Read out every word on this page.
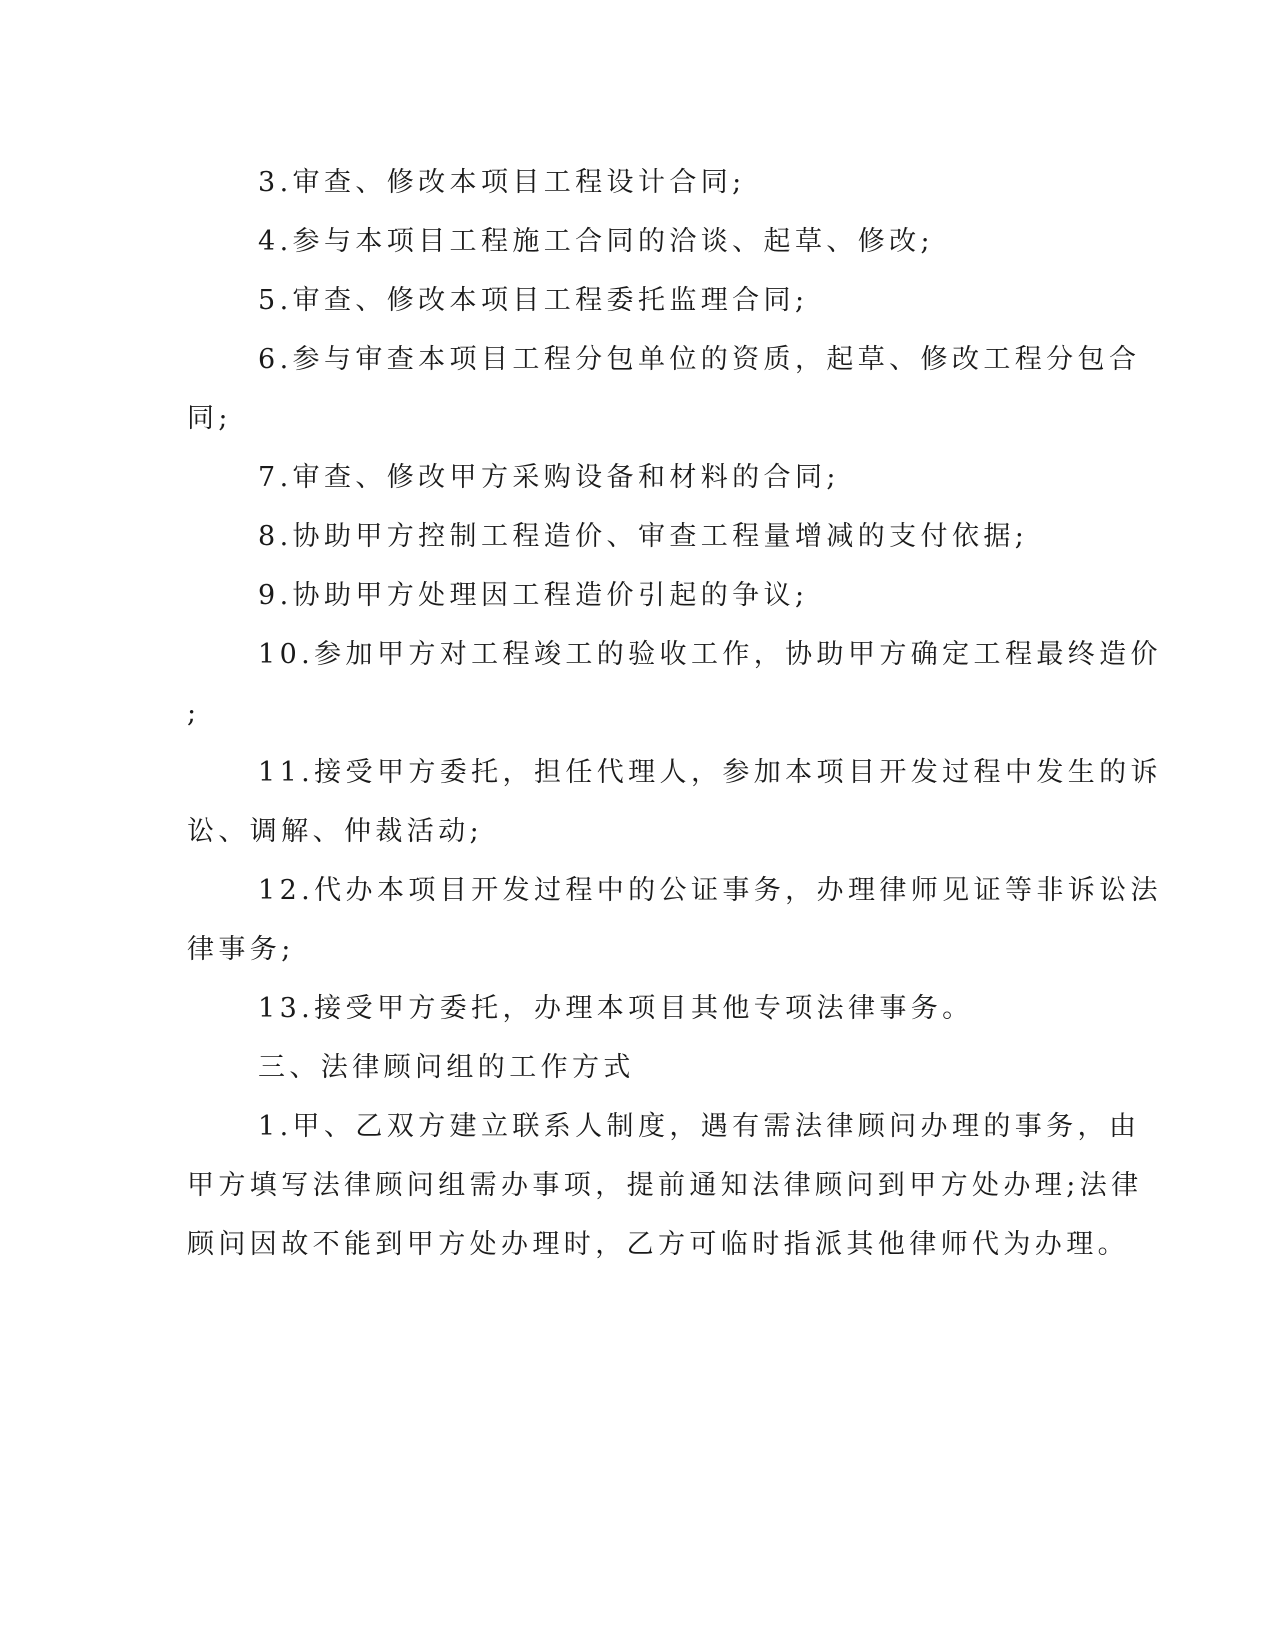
3.审查、修改本项目工程设计合同;
4.参与本项目工程施工合同的洽谈、起草、修改;
5.审查、修改本项目工程委托监理合同;
6.参与审查本项目工程分包单位的资质，起草、修改工程分包合
同;
7.审查、修改甲方采购设备和材料的合同;
8.协助甲方控制工程造价、审查工程量增减的支付依据;
9.协助甲方处理因工程造价引起的争议;
10.参加甲方对工程竣工的验收工作，协助甲方确定工程最终造价
;
11.接受甲方委托，担任代理人，参加本项目开发过程中发生的诉
讼、调解、仲裁活动;
12.代办本项目开发过程中的公证事务，办理律师见证等非诉讼法
律事务;
13.接受甲方委托，办理本项目其他专项法律事务。
三、法律顾问组的工作方式
1.甲、乙双方建立联系人制度，遇有需法律顾问办理的事务，由
甲方填写法律顾问组需办事项，提前通知法律顾问到甲方处办理;法律
顾问因故不能到甲方处办理时，乙方可临时指派其他律师代为办理。
